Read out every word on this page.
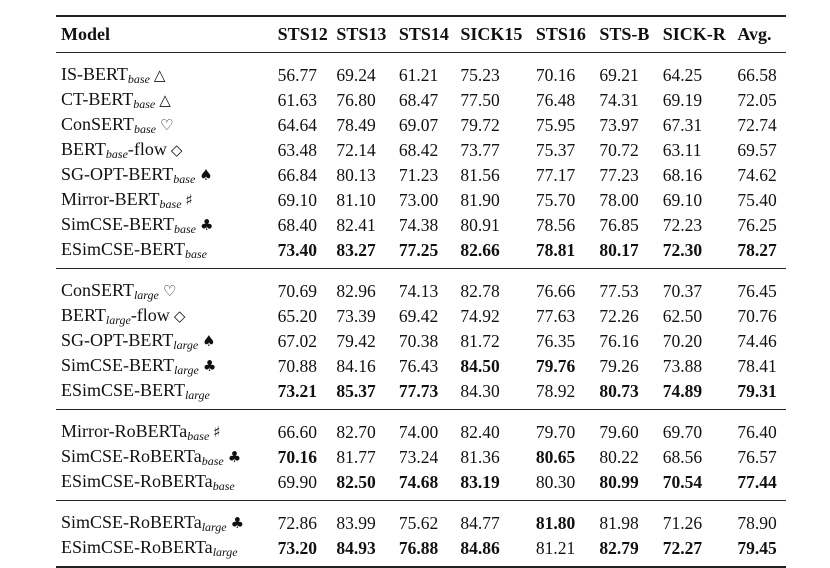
Model	STS12	STS13	STS14	SICK15	STS16	STS-B	SICK-R	Avg.
$IS-BERT_{base}$ △	56.77	69.24	61.21	75.23	70.16	69.21	64.25	66.58
$CT-BERT_{base}$ △	61.63	76.80	68.47	77.50	76.48	74.31	69.19	72.05
ConSERT$_{base}$ ♡	64.64	78.49	69.07	79.72	75.95	73.97	67.31	72.74
$BERT_{base}$-flow ◇	63.48	72.14	68.42	73.77	75.37	70.72	63.11	69.57
$SG-OPT-BERT_{base}$ ♠	66.84	80.13	71.23	81.56	77.17	77.23	68.16	74.62
Mirror-$BERT_{base}$ ♯	69.10	81.10	73.00	81.90	75.70	78.00	69.10	75.40
SimCSE-$BERT_{base}$ ♣	68.40	82.41	74.38	80.91	78.56	76.85	72.23	76.25
ESimCSE-$BERT_{base}$	73.40	83.27	77.25	82.66	78.81	80.17	72.30	78.27
ConSERT$_{large}$ ♡	70.69	82.96	74.13	82.78	76.66	77.53	70.37	76.45
$BERT_{large}$-flow ◇	65.20	73.39	69.42	74.92	77.63	72.26	62.50	70.76
$SG-OPT-BERT_{large}$ ♠	67.02	79.42	70.38	81.72	76.35	76.16	70.20	74.46
SimCSE-$BERT_{large}$ ♣	70.88	84.16	76.43	84.50	79.76	79.26	73.88	78.41
ESimCSE-$BERT_{large}$	73.21	85.37	77.73	84.30	78.92	80.73	74.89	79.31
Mirror-RoBERTa$_{base}$ ♯	66.60	82.70	74.00	82.40	79.70	79.60	69.70	76.40
SimCSE-RoBERTa$_{base}$ ♣	70.16	81.77	73.24	81.36	80.65	80.22	68.56	76.57
ESimCSE-RoBERTa$_{base}$	69.90	82.50	74.68	83.19	80.30	80.99	70.54	77.44
SimCSE-RoBERTa$_{large}$ ♣	72.86	83.99	75.62	84.77	81.80	81.98	71.26	78.90
ESimCSE-RoBERTa$_{large}$	73.20	84.93	76.88	84.86	81.21	82.79	72.27	79.45
